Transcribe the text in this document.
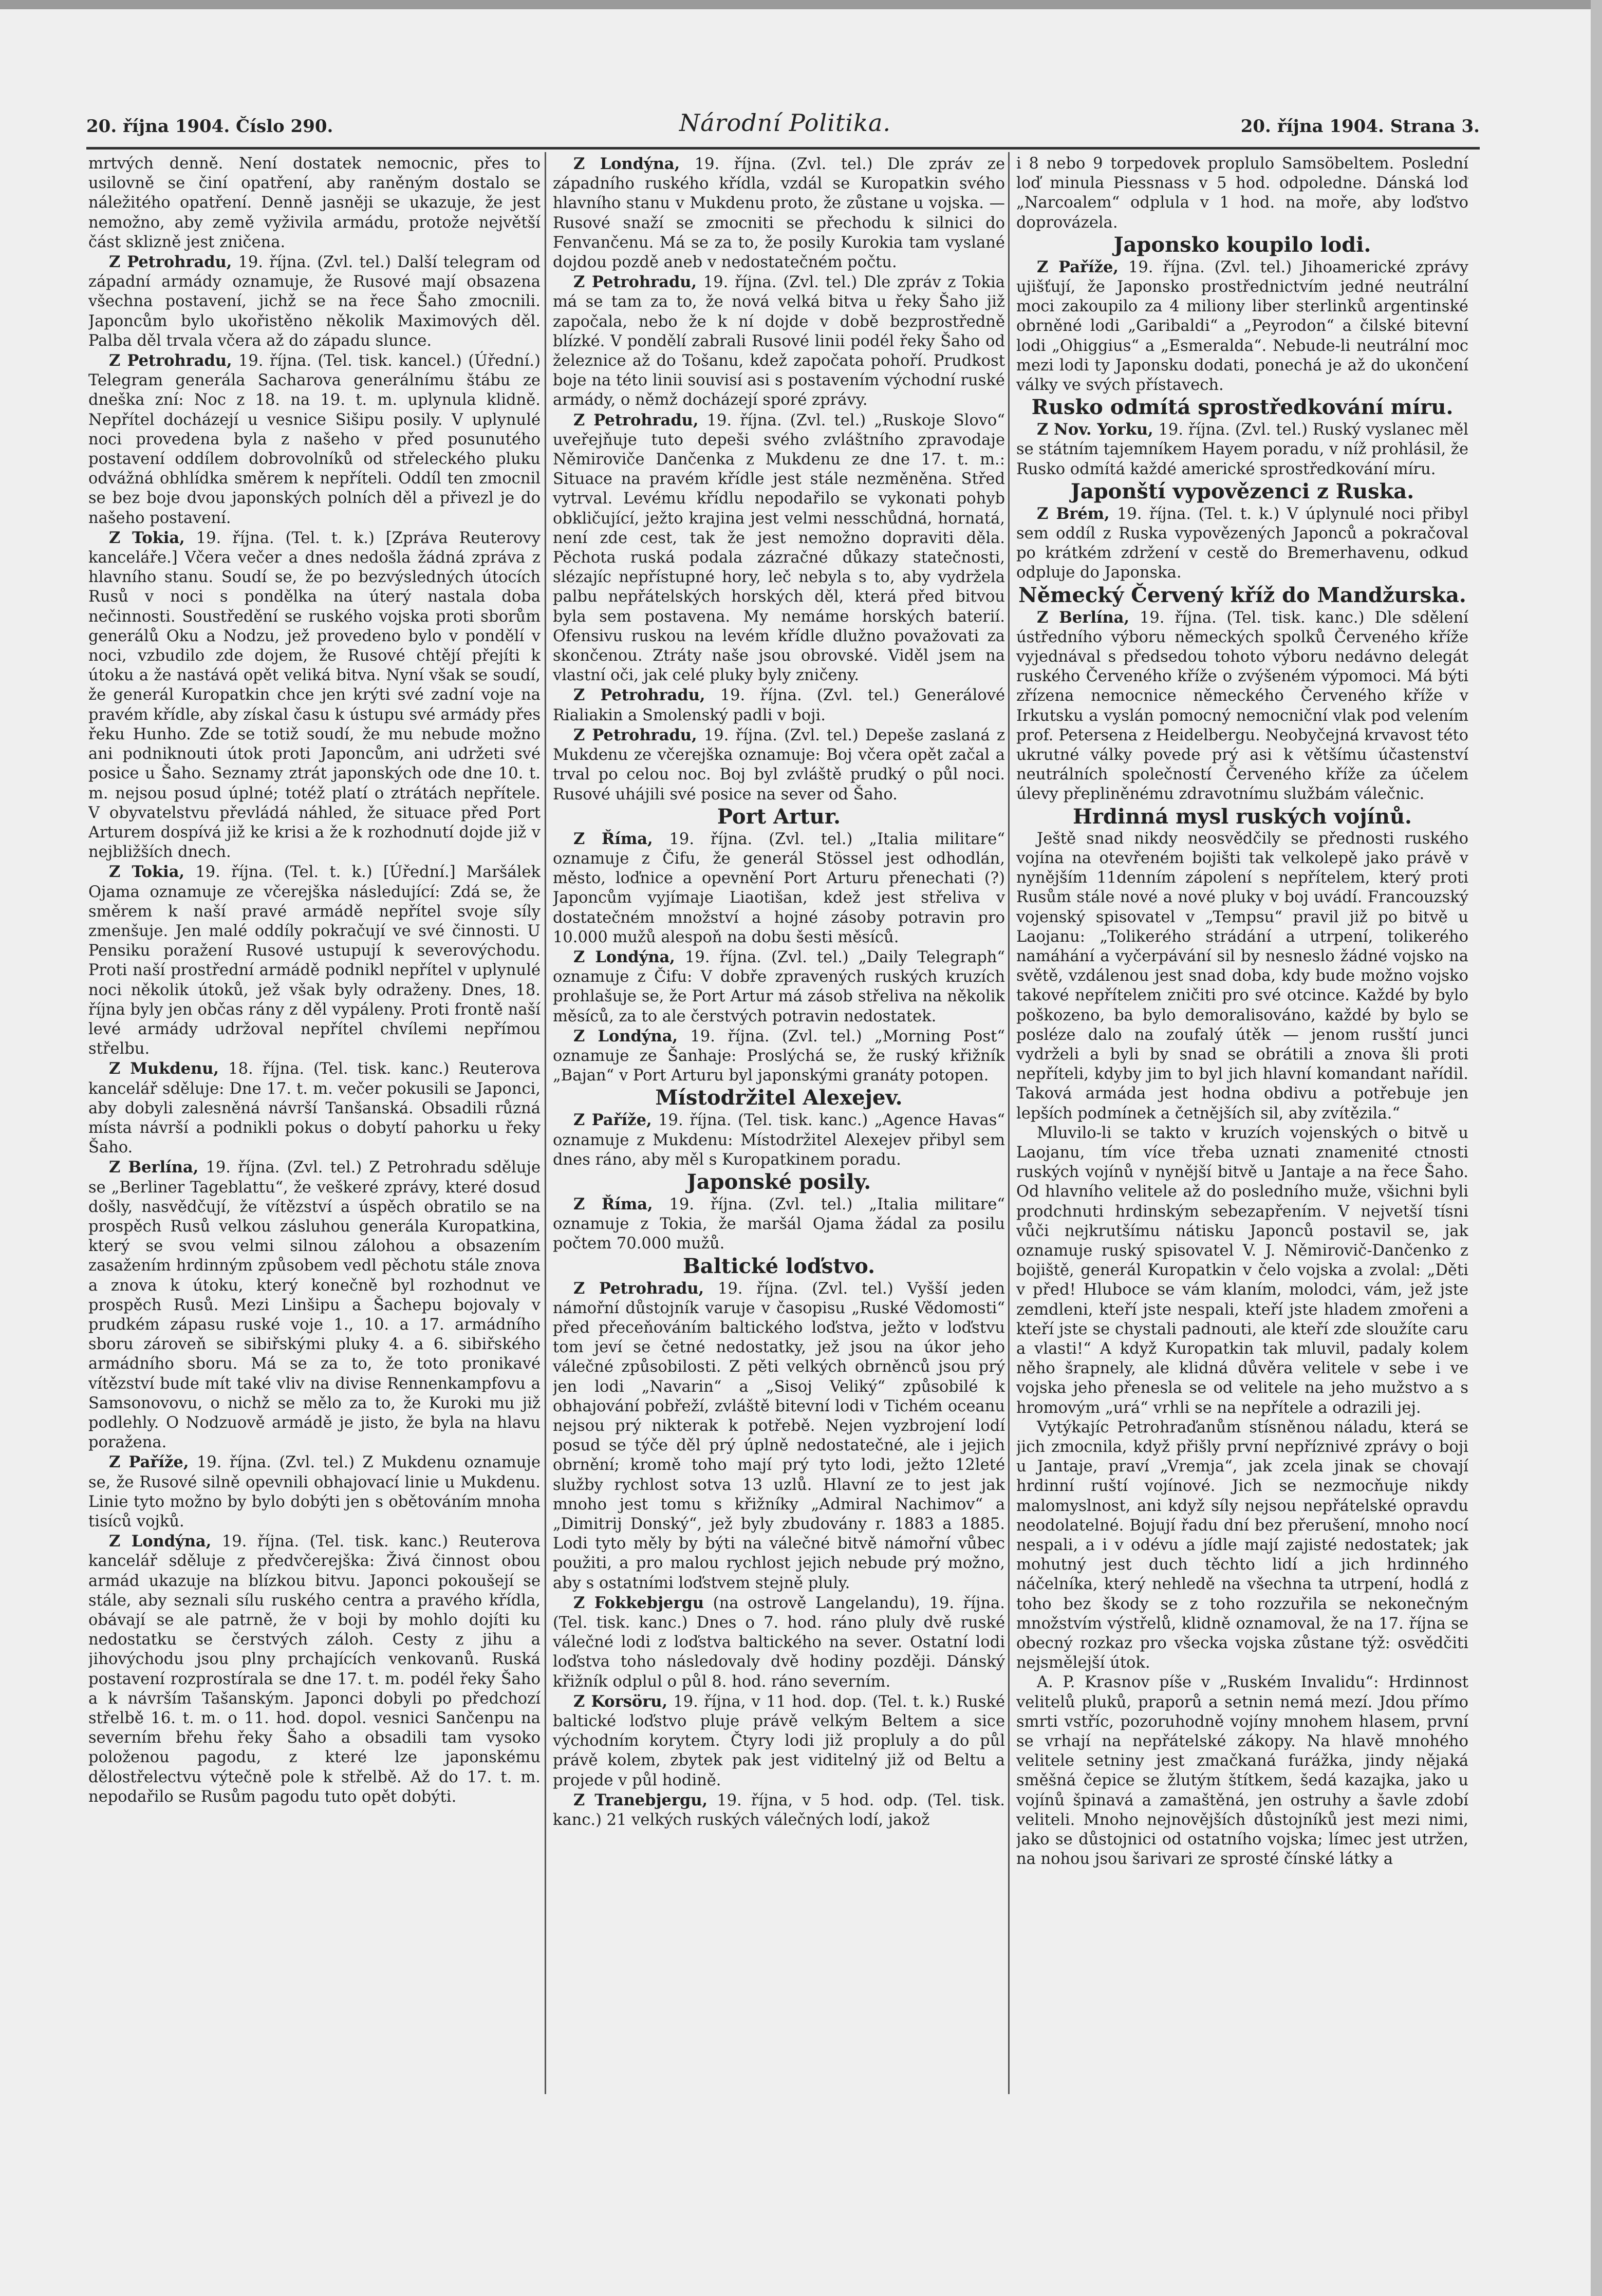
20. října 1904. Číslo 290.	Národní Politika.	20. října 1904. Strana 3.

mrtvých denně. Není dostatek nemocnic, přes to usilovně se činí opatření, aby raněným dostalo se náležitého opatření. Denně jasněji se ukazuje, že jest nemožno, aby země vyživila armádu, protože největší část sklizně jest zničena.

Z Petrohradu, 19. října. (Zvl. tel.) Další telegram od západní armády oznamuje, že Rusové mají obsazena všechna postavení, jichž se na řece Šaho zmocnili. Japoncům bylo ukořistěno několik Maximových děl. Palba děl trvala včera až do západu slunce.

Z Petrohradu, 19. října. (Tel. tisk. kancel.) (Úřední.) Telegram generála Sacharova generálnímu štábu ze dneška zní: Noc z 18. na 19. t. m. uplynula klidně. Nepřítel docházejí u vesnice Sišipu posily. V uplynulé noci provedena byla z našeho v před posunutého postavení oddílem dobrovolníků od střeleckého pluku odvážná obhlídka směrem k nepříteli. Oddíl ten zmocnil se bez boje dvou japonských polních děl a přivezl je do našeho postavení.

Z Tokia, 19. října. (Tel. t. k.) [Zpráva Reuterovy kanceláře.] Včera večer a dnes nedošla žádná zpráva z hlavního stanu. Soudí se, že po bezvýsledných útocích Rusů v noci s pondělka na úterý nastala doba nečinnosti. Soustředění se ruského vojska proti sborům generálů Oku a Nodzu, jež provedeno bylo v pondělí v noci, vzbudilo zde dojem, že Rusové chtějí přejíti k útoku a že nastává opět veliká bitva. Nyní však se soudí, že generál Kuropatkin chce jen krýti své zadní voje na pravém křídle, aby získal času k ústupu své armády přes řeku Hunho. Zde se totiž soudí, že mu nebude možno ani podniknouti útok proti Japoncům, ani udržeti své posice u Šaho. Seznamy ztrát japonských ode dne 10. t. m. nejsou posud úplné; totéž platí o ztrátách nepřítele. V obyvatelstvu převládá náhled, že situace před Port Arturem dospívá již ke krisi a že k rozhodnutí dojde již v nejbližších dnech.

Z Tokia, 19. října. (Tel. t. k.) [Úřední.] Maršálek Ojama oznamuje ze včerejška následující: Zdá se, že směrem k naší pravé armádě nepřítel svoje síly zmenšuje. Jen malé oddíly pokračují ve své činnosti. U Pensiku poražení Rusové ustupují k severovýchodu. Proti naší prostřední armádě podnikl nepřítel v uplynulé noci několik útoků, jež však byly odraženy. Dnes, 18. října byly jen občas rány z děl vypáleny. Proti frontě naší levé armády udržoval nepřítel chvílemi nepřímou střelbu.

Z Mukdenu, 18. října. (Tel. tisk. kanc.) Reuterova kancelář sděluje: Dne 17. t. m. večer pokusili se Japonci, aby dobyli zalesněná návrší Tanšanská. Obsadili různá místa návrší a podnikli pokus o dobytí pahorku u řeky Šaho.

Z Berlína, 19. října. (Zvl. tel.) Z Petrohradu sděluje se „Berliner Tageblattu“, že veškeré zprávy, které dosud došly, nasvědčují, že vítězství a úspěch obratilo se na prospěch Rusů velkou zásluhou generála Kuropatkina, který se svou velmi silnou zálohou a obsazením zasažením hrdinným způsobem vedl pěchotu stále znova a znova k útoku, který konečně byl rozhodnut ve prospěch Rusů. Mezi Linšipu a Šachepu bojovaly v prudkém zápasu ruské voje 1., 10. a 17. armádního sboru zároveň se sibiřskými pluky 4. a 6. sibiřského armádního sboru. Má se za to, že toto pronikavé vítězství bude mít také vliv na divise Rennenkampfovu a Samsonovovu, o nichž se mělo za to, že Kuroki mu již podlehly. O Nodzuově armádě je jisto, že byla na hlavu poražena.

Z Paříže, 19. října. (Zvl. tel.) Z Mukdenu oznamuje se, že Rusové silně opevnili obhajovací linie u Mukdenu. Linie tyto možno by bylo dobýti jen s obětováním mnoha tisíců vojků.

Z Londýna, 19. října. (Tel. tisk. kanc.) Reuterova kancelář sděluje z předvčerejška: Živá činnost obou armád ukazuje na blízkou bitvu. Japonci pokoušejí se stále, aby seznali sílu ruského centra a pravého křídla, obávají se ale patrně, že v boji by mohlo dojíti ku nedostatku se čerstvých záloh. Cesty z jihu a jihovýchodu jsou plny prchajících venkovanů. Ruská postavení rozprostírala se dne 17. t. m. podél řeky Šaho a k návrším Tašanským. Japonci dobyli po předchozí střelbě 16. t. m. o 11. hod. dopol. vesnici Sančenpu na severním břehu řeky Šaho a obsadili tam vysoko položenou pagodu, z které lze japonskému dělostřelectvu výtečně pole k střelbě. Až do 17. t. m. nepodařilo se Rusům pagodu tuto opět dobýti.

Z Londýna, 19. října. (Zvl. tel.) Dle zpráv ze západního ruského křídla, vzdál se Kuropatkin svého hlavního stanu v Mukdenu proto, že zůstane u vojska. — Rusové snaží se zmocniti se přechodu k silnici do Fenvančenu. Má se za to, že posily Kurokia tam vyslané dojdou pozdě aneb v nedostatečném počtu.

Z Petrohradu, 19. října. (Zvl. tel.) Dle zpráv z Tokia má se tam za to, že nová velká bitva u řeky Šaho již započala, nebo že k ní dojde v době bezprostředně blízké. V pondělí zabrali Rusové linii podél řeky Šaho od železnice až do Tošanu, kdež započata pohoří. Prudkost boje na této linii souvisí asi s postavením východní ruské armády, o němž docházejí sporé zprávy.

Z Petrohradu, 19. října. (Zvl. tel.) „Ruskoje Slovo“ uveřejňuje tuto depeši svého zvláštního zpravodaje Němiroviče Dančenka z Mukdenu ze dne 17. t. m.: Situace na pravém křídle jest stále nezměněna. Střed vytrval. Levému křídlu nepodařilo se vykonati pohyb obkličující, ježto krajina jest velmi nesschůdná, hornatá, není zde cest, tak že jest nemožno dopraviti děla. Pěchota ruská podala zázračné důkazy statečnosti, slézajíc nepřístupné hory, leč nebyla s to, aby vydržela palbu nepřátelských horských děl, která před bitvou byla sem postavena. My nemáme horských baterií. Ofensivu ruskou na levém křídle dlužno považovati za skončenou. Ztráty naše jsou obrovské. Viděl jsem na vlastní oči, jak celé pluky byly zničeny.

Z Petrohradu, 19. října. (Zvl. tel.) Generálové Rialiakin a Smolenský padli v boji.

Z Petrohradu, 19. října. (Zvl. tel.) Depeše zaslaná z Mukdenu ze včerejška oznamuje: Boj včera opět začal a trval po celou noc. Boj byl zvláště prudký o půl noci. Rusové uhájili své posice na sever od Šaho.

Port Artur.

Z Říma, 19. října. (Zvl. tel.) „Italia militare“ oznamuje z Čifu, že generál Stössel jest odhodlán, město, loďnice a opevnění Port Arturu přenechati (?) Japoncům vyjímaje Liaotišan, kdež jest střeliva v dostatečném množství a hojné zásoby potravin pro 10.000 mužů alespoň na dobu šesti měsíců.

Z Londýna, 19. října. (Zvl. tel.) „Daily Telegraph“ oznamuje z Čifu: V dobře zpravených ruských kruzích prohlašuje se, že Port Artur má zásob střeliva na několik měsíců, za to ale čerstvých potravin nedostatek.

Z Londýna, 19. října. (Zvl. tel.) „Morning Post“ oznamuje ze Šanhaje: Proslýchá se, že ruský křižník „Bajan“ v Port Arturu byl japonskými granáty potopen.

Místodržitel Alexejev.

Z Paříže, 19. října. (Tel. tisk. kanc.) „Agence Havas“ oznamuje z Mukdenu: Místodržitel Alexejev přibyl sem dnes ráno, aby měl s Kuropatkinem poradu.

Japonské posily.

Z Říma, 19. října. (Zvl. tel.) „Italia militare“ oznamuje z Tokia, že maršál Ojama žádal za posilu počtem 70.000 mužů.

Baltické loďstvo.

Z Petrohradu, 19. října. (Zvl. tel.) Vyšší jeden námořní důstojník varuje v časopisu „Ruské Vědomosti“ před přeceňováním baltického loďstva, ježto v loďstvu tom jeví se četné nedostatky, jež jsou na úkor jeho válečné způsobilosti. Z pěti velkých obrněnců jsou prý jen lodi „Navarin“ a „Sisoj Veliký“ způsobilé k obhajování pobřeží, zvláště bitevní lodi v Tichém oceanu nejsou prý nikterak k potřebě. Nejen vyzbrojení lodí posud se týče děl prý úplně nedostatečné, ale i jejich obrnění; kromě toho mají prý tyto lodi, ježto 12leté služby rychlost sotva 13 uzlů. Hlavní ze to jest jak mnoho jest tomu s křižníky „Admiral Nachimov“ a „Dimitrij Donský“, jež byly zbudovány r. 1883 a 1885. Lodi tyto měly by býti na válečné bitvě námořní vůbec použiti, a pro malou rychlost jejich nebude prý možno, aby s ostatními loďstvem stejně pluly.

Z Fokkebjergu (na ostrově Langelandu), 19. října. (Tel. tisk. kanc.) Dnes o 7. hod. ráno pluly dvě ruské válečné lodi z loďstva baltického na sever. Ostatní lodi loďstva toho následovaly dvě hodiny později. Dánský křižník odplul o půl 8. hod. ráno severním.

Z Korsöru, 19. října, v 11 hod. dop. (Tel. t. k.) Ruské baltické loďstvo pluje právě velkým Beltem a sice východním korytem. Čtyry lodi již propluly a do půl právě kolem, zbytek pak jest viditelný již od Beltu a projede v půl hodině.

Z Tranebjergu, 19. října, v 5 hod. odp. (Tel. tisk. kanc.) 21 velkých ruských válečných lodí, jakož

i 8 nebo 9 torpedovek proplulo Samsöbeltem. Poslední loď minula Piessnass v 5 hod. odpoledne. Dánská loď „Narcoalem“ odplula v 1 hod. na moře, aby loďstvo doprovázela.

Japonsko koupilo lodi.

Z Paříže, 19. října. (Zvl. tel.) Jihoamerické zprávy ujišťují, že Japonsko prostřednictvím jedné neutrální moci zakoupilo za 4 miliony liber sterlinků argentinské obrněné lodi „Garibaldi“ a „Peyrodon“ a čilské bitevní lodi „Ohiggius“ a „Esmeralda“. Nebude-li neutrální moc mezi lodi ty Japonsku dodati, ponechá je až do ukončení války ve svých přístavech.

Rusko odmítá sprostředkování míru.

Z Nov. Yorku, 19. října. (Zvl. tel.) Ruský vyslanec měl se státním tajemníkem Hayem poradu, v níž prohlásil, že Rusko odmítá každé americké sprostředkování míru.

Japonští vypovězenci z Ruska.

Z Brém, 19. října. (Tel. t. k.) V úplynulé noci přibyl sem oddíl z Ruska vypovězených Japonců a pokračoval po krátkém zdržení v cestě do Bremerhavenu, odkud odpluje do Japonska.

Německý Červený kříž do Mandžurska.

Z Berlína, 19. října. (Tel. tisk. kanc.) Dle sdělení ústředního výboru německých spolků Červeného kříže vyjednával s předsedou tohoto výboru nedávno delegát ruského Červeného kříže o zvýšeném výpomoci. Má býti zřízena nemocnice německého Červeného kříže v Irkutsku a vyslán pomocný nemocniční vlak pod velením prof. Petersena z Heidelbergu. Neobyčejná krvavost této ukrutné války povede prý asi k většímu účastenství neutrálních společností Červeného kříže za účelem úlevy přepliněnému zdravotnímu službám válečnic.

Hrdinná mysl ruských vojínů.

Ještě snad nikdy neosvědčily se přednosti ruského vojína na otevřeném bojišti tak velkolepě jako právě v nynějším 11denním zápolení s nepřítelem, který proti Rusům stále nové a nové pluky v boj uvádí. Francouzský vojenský spisovatel v „Tempsu“ pravil již po bitvě u Laojanu: „Tolikerého strádání a utrpení, tolikerého namáhání a vyčerpávání sil by nesneslo žádné vojsko na světě, vzdálenou jest snad doba, kdy bude možno vojsko takové nepřítelem zničiti pro své otcince. Každé by bylo poškozeno, ba bylo demoralisováno, každé by bylo se posléze dalo na zoufalý útěk — jenom rusští junci vydrželi a byli by snad se obrátili a znova šli proti nepříteli, kdyby jim to byl jich hlavní komandant nařídil. Taková armáda jest hodna obdivu a potřebuje jen lepších podmínek a četnějších sil, aby zvítězila.“

Mluvilo-li se takto v kruzích vojenských o bitvě u Laojanu, tím více třeba uznati znamenité ctnosti ruských vojínů v nynější bitvě u Jantaje a na řece Šaho. Od hlavního velitele až do posledního muže, všichni byli prodchnuti hrdinským sebezapřením. V nejvetší tísni vůči nejkrutšímu nátisku Japonců postavil se, jak oznamuje ruský spisovatel V. J. Němirovič-Dančenko z bojiště, generál Kuropatkin v čelo vojska a zvolal: „Děti v před! Hluboce se vám klaním, molodci, vám, jež jste zemdleni, kteří jste nespali, kteří jste hladem zmořeni a kteří jste se chystali padnouti, ale kteří zde sloužíte caru a vlasti!“ A když Kuropatkin tak mluvil, padaly kolem něho šrapnely, ale klidná důvěra velitele v sebe i ve vojska jeho přenesla se od velitele na jeho mužstvo a s hromovým „urá“ vrhli se na nepřítele a odrazili jej.

Vytýkajíc Petrohraďanům stísněnou náladu, která se jich zmocnila, když přišly první nepříznivé zprávy o boji u Jantaje, praví „Vremja“, jak zcela jinak se chovají hrdinní ruští vojínové. Jich se nezmocňuje nikdy malomyslnost, ani když síly nejsou nepřátelské opravdu neodolatelné. Bojují řadu dní bez přerušení, mnoho nocí nespali, a i v odévu a jídle mají zajisté nedostatek; jak mohutný jest duch těchto lidí a jich hrdinného náčelníka, který nehledě na všechna ta utrpení, hodlá z toho bez škody se z toho rozzuřila se nekonečným množstvím výstřelů, klidně oznamoval, že na 17. října se obecný rozkaz pro všecka vojska zůstane týž: osvědčiti nejsmělejší útok.

A. P. Krasnov píše v „Ruském Invalidu“: Hrdinnost velitelů pluků, praporů a setnin nemá mezí. Jdou přímo smrti vstříc, pozoruhodně vojíny mnohem hlasem, první se vrhají na nepřátelské zákopy. Na hlavě mnohého velitele setniny jest zmačkaná furážka, jindy nějaká směšná čepice se žlutým štítkem, šedá kazajka, jako u vojínů špinavá a zamaštěná, jen ostruhy a šavle zdobí veliteli. Mnoho nejnovějších důstojníků jest mezi nimi, jako se důstojnici od ostatního vojska; límec jest utržen, na nohou jsou šarivari ze sprosté čínské látky a
